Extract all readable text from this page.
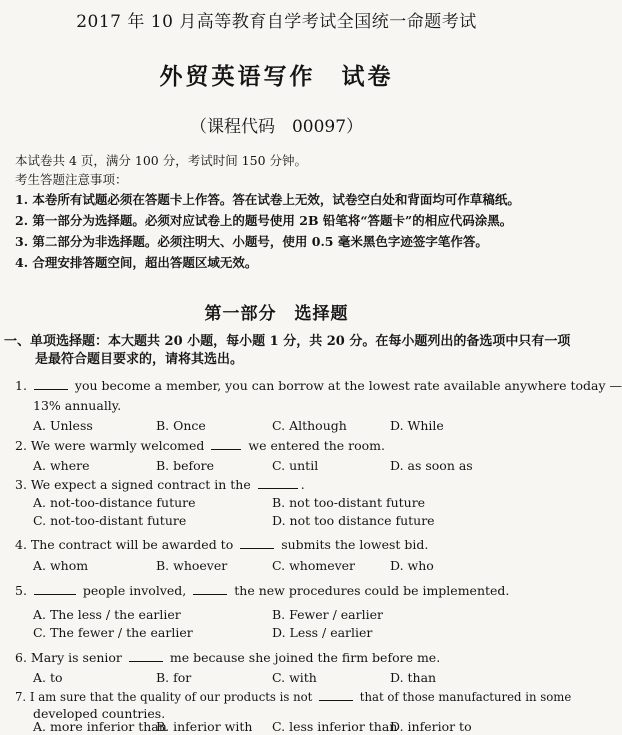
2017 年 10 月高等教育自学考试全国统一命题考试
外贸英语写作　试卷
（课程代码　00097）
本试卷共 4 页，满分 100 分，考试时间 150 分钟。
考生答题注意事项：
1. 本卷所有试题必须在答题卡上作答。答在试卷上无效，试卷空白处和背面均可作草稿纸。
2. 第一部分为选择题。必须对应试卷上的题号使用 2B 铅笔将“答题卡”的相应代码涂黑。
3. 第二部分为非选择题。必须注明大、小题号，使用 0.5 毫米黑色字迹签字笔作答。
4. 合理安排答题空间，超出答题区域无效。
第一部分　选择题
一、单项选择题：本大题共 20 小题，每小题 1 分，共 20 分。在每小题列出的备选项中只有一项
是最符合题目要求的，请将其选出。
1.	you become a member, you can borrow at the lowest rate available anywhere today —
13% annually.
A. Unless	B. Once	C. Although	D. While
2. We were warmly welcomed	we entered the room.
A. where	B. before	C. until	D. as soon as
3. We expect a signed contract in the	.
A. not-too-distance future	B. not too-distant future
C. not-too-distant future	D. not too distance future
4. The contract will be awarded to	submits the lowest bid.
A. whom	B. whoever	C. whomever	D. who
5.	people involved,	the new procedures could be implemented.
A. The less / the earlier	B. Fewer / earlier
C. The fewer / the earlier	D. Less / earlier
6. Mary is senior	me because she joined the firm before me.
A. to	B. for	C. with	D. than
7. I am sure that the quality of our products is not	that of those manufactured in some
developed countries.
A. more inferior than
B. inferior with C. less inferior than
D. inferior to
